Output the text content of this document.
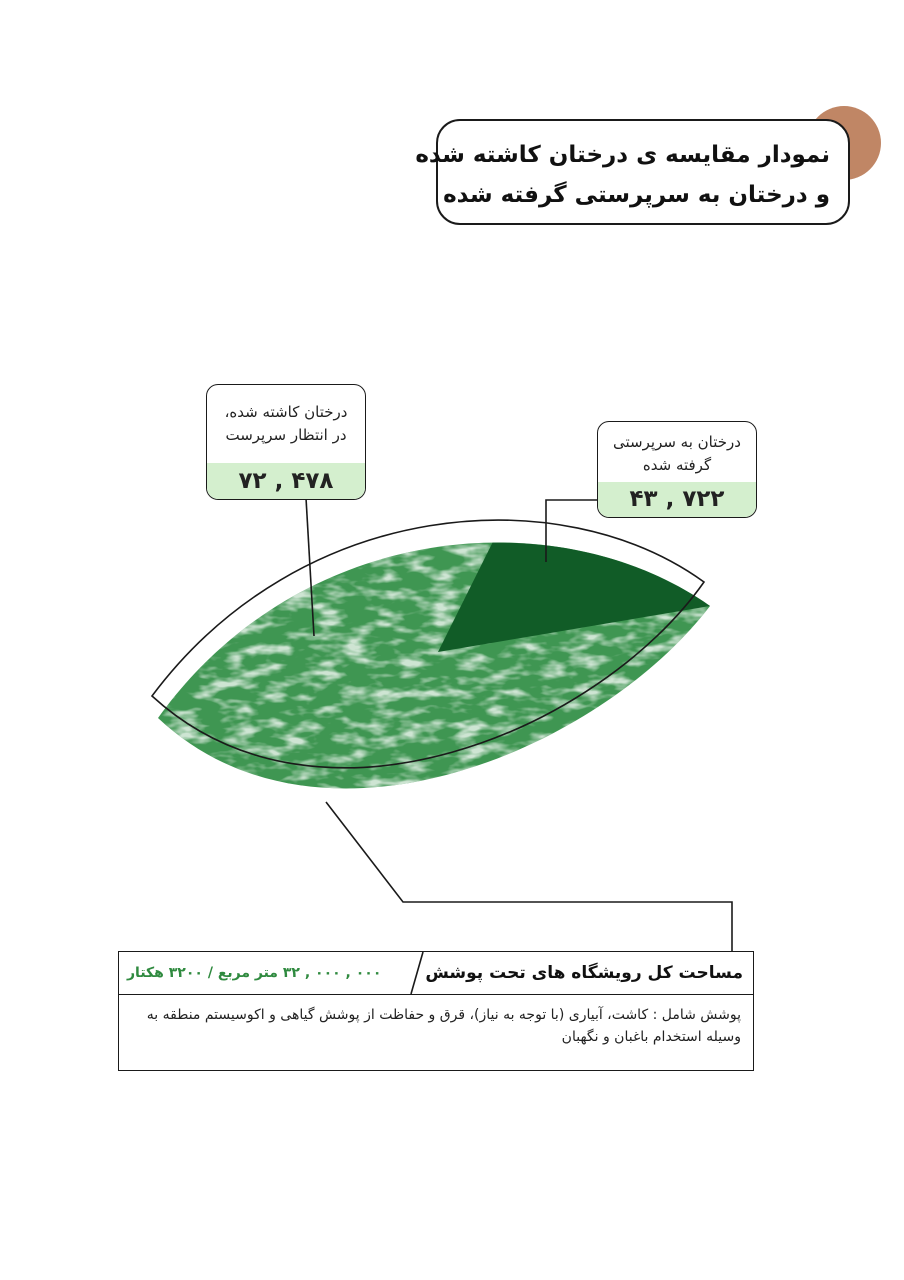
نمودار مقایسه ی درختان کاشته شده
و درختان به سرپرستی گرفته شده
درختان کاشته شده،
در انتظار سرپرست
۷۲ , ۴۷۸
درختان به سرپرستی
گرفته شده
۴۳ , ۷۲۲
مساحت کل رویشگاه های تحت پوشش
۰۰۰ , ۰۰۰ , ۳۲ متر مربع / ۳۲۰۰ هکتار
پوشش شامل : کاشت، آبیاری (با توجه به نیاز)، قرق و حفاظت از پوشش گیاهی و اکوسیستم منطقه به وسیله استخدام باغبان و نگهبان
